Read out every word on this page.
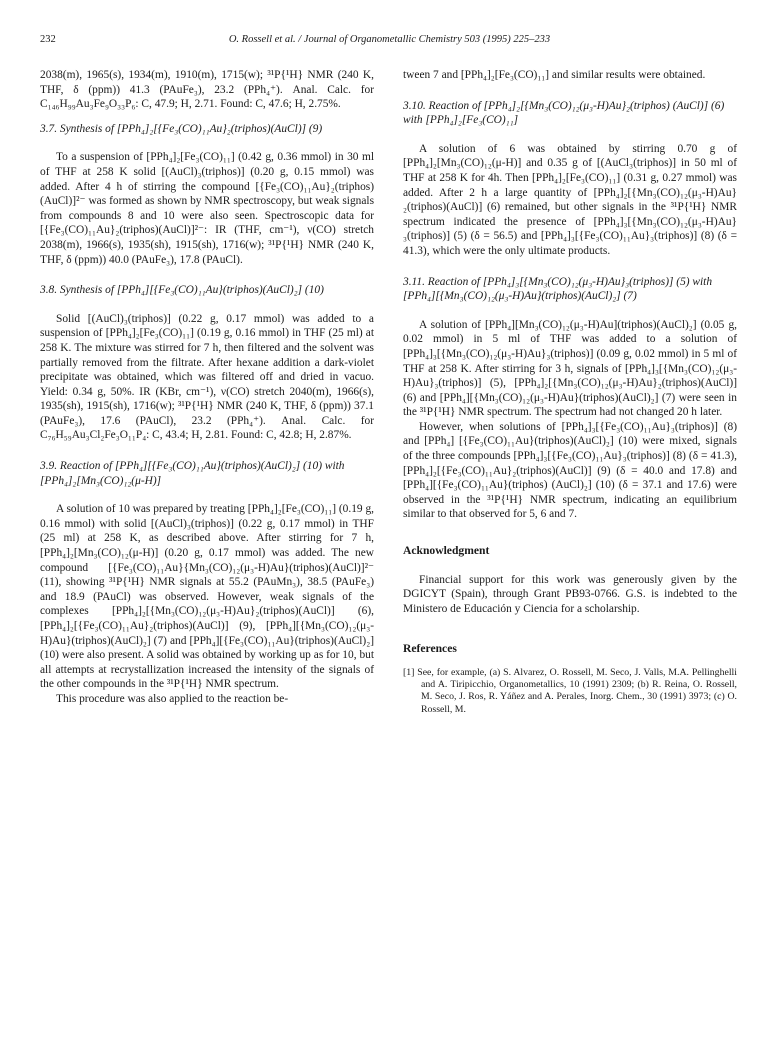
232	O. Rossell et al. / Journal of Organometallic Chemistry 503 (1995) 225–233

2038(m), 1965(s), 1934(m), 1910(m), 1715(w); ³¹P{¹H} NMR (240 K, THF, δ (ppm)) 41.3 (PAuFe₃), 23.2 (PPh₄⁺). Anal. Calc. for C₁₄₆H₉₉Au₃Fe₉O₃₃P₆: C, 47.9; H, 2.71. Found: C, 47.6; H, 2.75%.

3.7. Synthesis of [PPh₄]₂[{Fe₃(CO)₁₁Au}₂(triphos)(AuCl)] (9)

To a suspension of [PPh₄]₂[Fe₃(CO)₁₁] (0.42 g, 0.36 mmol) in 30 ml of THF at 258 K solid [(AuCl)₃(triphos)] (0.20 g, 0.15 mmol) was added. After 4 h of stirring the compound [{Fe₃(CO)₁₁Au}₂(triphos)(AuCl)]²⁻ was formed as shown by NMR spectroscopy, but weak signals from compounds 8 and 10 were also seen. Spectroscopic data for [{Fe₃(CO)₁₁Au}₂(triphos)(AuCl)]²⁻: IR (THF, cm⁻¹), ν(CO) stretch 2038(m), 1966(s), 1935(sh), 1915(sh), 1716(w); ³¹P{¹H} NMR (240 K, THF, δ (ppm)) 40.0 (PAuFe₃), 17.8 (PAuCl).

3.8. Synthesis of [PPh₄][{Fe₃(CO)₁₁Au}(triphos)(AuCl)₂] (10)

Solid [(AuCl)₃(triphos)] (0.22 g, 0.17 mmol) was added to a suspension of [PPh₄]₂[Fe₃(CO)₁₁] (0.19 g, 0.16 mmol) in THF (25 ml) at 258 K. The mixture was stirred for 7 h, then filtered and the solvent was partially removed from the filtrate. After hexane addition a dark-violet precipitate was obtained, which was filtered off and dried in vacuo. Yield: 0.34 g, 50%. IR (KBr, cm⁻¹), ν(CO) stretch 2040(m), 1966(s), 1935(sh), 1915(sh), 1716(w); ³¹P{¹H} NMR (240 K, THF, δ (ppm)) 37.1 (PAuFe₃), 17.6 (PAuCl), 23.2 (PPh₄⁺). Anal. Calc. for C₇₆H₅₉Au₃Cl₂Fe₃O₁₁P₄: C, 43.4; H, 2.81. Found: C, 42.8; H, 2.87%.

3.9. Reaction of [PPh₄][{Fe₃(CO)₁₁Au}(triphos)(AuCl)₂] (10) with [PPh₄]₂[Mn₃(CO)₁₂(μ-H)]

A solution of 10 was prepared by treating [PPh₄]₂[Fe₃(CO)₁₁] (0.19 g, 0.16 mmol) with solid [(AuCl)₃(triphos)] (0.22 g, 0.17 mmol) in THF (25 ml) at 258 K, as described above. After stirring for 7 h, [PPh₄]₂[Mn₃(CO)₁₂(μ-H)] (0.20 g, 0.17 mmol) was added. The new compound [{Fe₃(CO)₁₁Au}{Mn₃(CO)₁₂(μ₃-H)Au}(triphos)(AuCl)]²⁻ (11), showing ³¹P{¹H} NMR signals at 55.2 (PAuMn₃), 38.5 (PAuFe₃) and 18.9 (PAuCl) was observed. However, weak signals of the complexes [PPh₄]₂[{Mn₃(CO)₁₂(μ₃-H)Au}₂(triphos)(AuCl)] (6), [PPh₄]₂[{Fe₃(CO)₁₁Au}₂(triphos)(AuCl)] (9), [PPh₄][{Mn₃(CO)₁₂(μ₃-H)Au}(triphos)(AuCl)₂] (7) and [PPh₄][{Fe₃(CO)₁₁Au}(triphos)(AuCl)₂] (10) were also present. A solid was obtained by working up as for 10, but all attempts at recrystallization increased the intensity of the signals of the other compounds in the ³¹P{¹H} NMR spectrum.

This procedure was also applied to the reaction be-

tween 7 and [PPh₄]₂[Fe₃(CO)₁₁] and similar results were obtained.

3.10. Reaction of [PPh₄]₂[{Mn₃(CO)₁₂(μ₃-H)Au}₂(triphos) (AuCl)] (6) with [PPh₄]₂[Fe₃(CO)₁₁]

A solution of 6 was obtained by stirring 0.70 g of [PPh₄]₂[Mn₃(CO)₁₂(μ-H)] and 0.35 g of [(AuCl₃(triphos)] in 50 ml of THF at 258 K for 4h. Then [PPh₄]₂[Fe₃(CO)₁₁] (0.31 g, 0.27 mmol) was added. After 2 h a large quantity of [PPh₄]₂[{Mn₃(CO)₁₂(μ₃-H)Au}₂(triphos)(AuCl)] (6) remained, but other signals in the ³¹P{¹H} NMR spectrum indicated the presence of [PPh₄]₃[{Mn₃(CO)₁₂(μ₃-H)Au}₃(triphos)] (5) (δ = 56.5) and [PPh₄]₃[{Fe₃(CO)₁₁Au}₃(triphos)] (8) (δ = 41.3), which were the only ultimate products.

3.11. Reaction of [PPh₄]₃[{Mn₃(CO)₁₂(μ₃-H)Au}₃(triphos)] (5) with [PPh₄][{Mn₃(CO)₁₂(μ₃-H)Au}(triphos)(AuCl)₂] (7)

A solution of [PPh₄][Mn₃(CO)₁₂(μ₃-H)Au](triphos)(AuCl)₂] (0.05 g, 0.02 mmol) in 5 ml of THF was added to a solution of [PPh₄]₃[{Mn₃(CO)₁₂(μ₃-H)Au}₃(triphos)] (0.09 g, 0.02 mmol) in 5 ml of THF at 258 K. After stirring for 3 h, signals of [PPh₄]₃[{Mn₃(CO)₁₂(μ₃-H)Au}₃(triphos)] (5), [PPh₄]₂[{Mn₃(CO)₁₂(μ₃-H)Au}₂(triphos)(AuCl)] (6) and [PPh₄][{Mn₃(CO)₁₂(μ₃-H)Au}(triphos)(AuCl)₂] (7) were seen in the ³¹P{¹H} NMR spectrum. The spectrum had not changed 20 h later.

However, when solutions of [PPh₄]₃[{Fe₃(CO)₁₁Au}₃(triphos)] (8) and [PPh₄] [{Fe₃(CO)₁₁Au}(triphos)(AuCl)₂] (10) were mixed, signals of the three compounds [PPh₄]₃[{Fe₃(CO)₁₁Au}₃(triphos)] (8) (δ = 41.3), [PPh₄]₂[{Fe₃(CO)₁₁Au}₂(triphos)(AuCl)] (9) (δ = 40.0 and 17.8) and [PPh₄][{Fe₃(CO)₁₁Au}(triphos) (AuCl)₂] (10) (δ = 37.1 and 17.6) were observed in the ³¹P{¹H} NMR spectrum, indicating an equilibrium similar to that observed for 5, 6 and 7.

Acknowledgment

Financial support for this work was generously given by the DGICYT (Spain), through Grant PB93-0766. G.S. is indebted to the Ministero de Educación y Ciencia for a scholarship.

References

[1] See, for example, (a) S. Alvarez, O. Rossell, M. Seco, J. Valls, M.A. Pellinghelli and A. Tiripicchio, Organometallics, 10 (1991) 2309; (b) R. Reina, O. Rossell, M. Seco, J. Ros, R. Yáñez and A. Perales, Inorg. Chem., 30 (1991) 3973; (c) O. Rossell, M.
